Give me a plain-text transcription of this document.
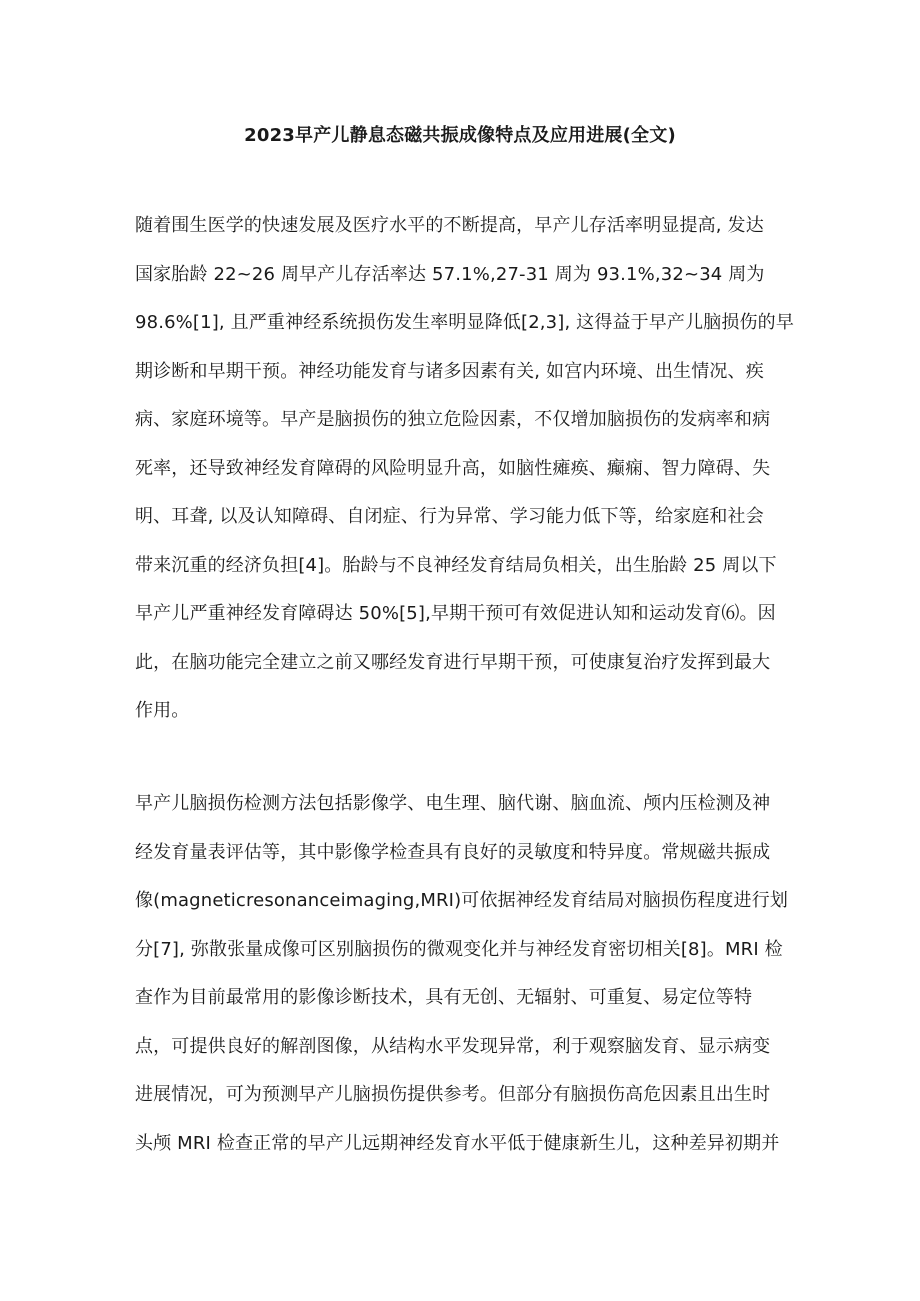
2023早产儿静息态磁共振成像特点及应用进展(全文)
随着围生医学的快速发展及医疗水平的不断提高，早产儿存活率明显提高, 发达
国家胎龄 22~26 周早产儿存活率达 57.1%,27-31 周为 93.1%,32~34 周为
98.6%[1], 且严重神经系统损伤发生率明显降低[2,3], 这得益于早产儿脑损伤的早
期诊断和早期干预。神经功能发育与诸多因素有关, 如宫内环境、出生情况、疾
病、家庭环境等。早产是脑损伤的独立危险因素，不仅增加脑损伤的发病率和病
死率，还导致神经发育障碍的风险明显升高，如脑性瘫痪、癫痫、智力障碍、失
明、耳聋, 以及认知障碍、自闭症、行为异常、学习能力低下等，给家庭和社会
带来沉重的经济负担[4]。胎龄与不良神经发育结局负相关，出生胎龄 25 周以下
早产儿严重神经发育障碍达 50%[5],早期干预可有效促进认知和运动发育⑹。因
此，在脑功能完全建立之前又哪经发育进行早期干预，可使康复治疗发挥到最大
作用。
早产儿脑损伤检测方法包括影像学、电生理、脑代谢、脑血流、颅内压检测及神
经发育量表评估等，其中影像学检查具有良好的灵敏度和特异度。常规磁共振成
像(magneticresonanceimaging,MRI)可依据神经发育结局对脑损伤程度进行划
分[7], 弥散张量成像可区别脑损伤的微观变化并与神经发育密切相关[8]。MRI 检
查作为目前最常用的影像诊断技术，具有无创、无辐射、可重复、易定位等特
点，可提供良好的解剖图像，从结构水平发现异常，利于观察脑发育、显示病变
进展情况，可为预测早产儿脑损伤提供参考。但部分有脑损伤高危因素且出生时
头颅 MRI 检查正常的早产儿远期神经发育水平低于健康新生儿，这种差异初期并
